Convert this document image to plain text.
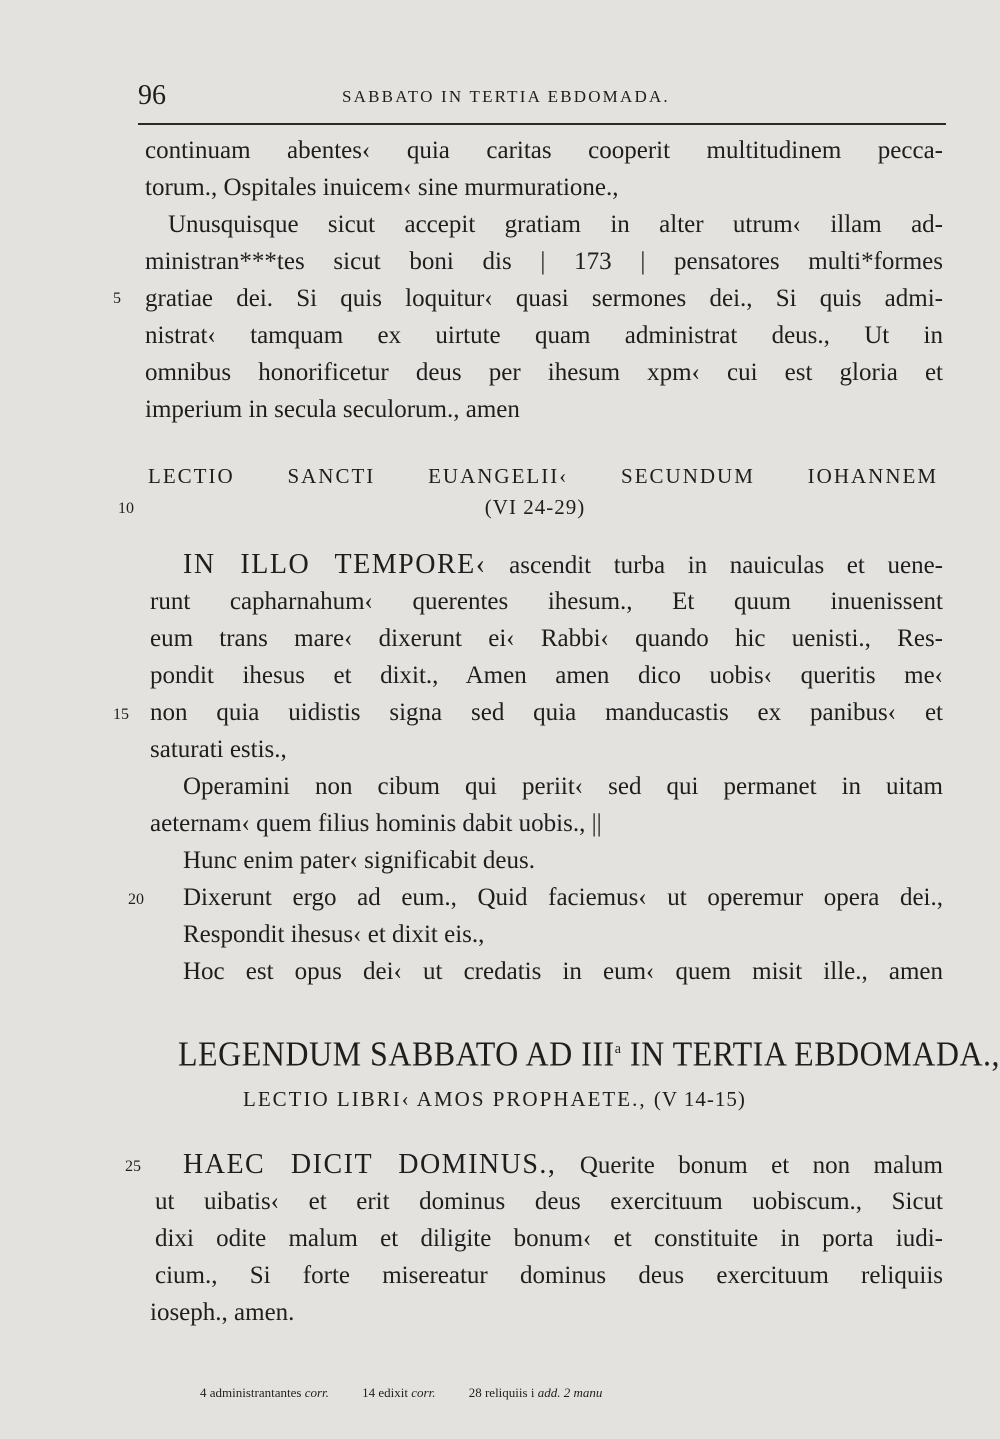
96	SABBATO IN TERTIA EBDOMADA.
continuam abentes‹ quia caritas cooperit multitudinem pecca-
torum., Ospitales inuicem‹ sine murmuratione.,
Unusquisque sicut accepit gratiam in alter utrum‹ illam ad-
ministran***tes sicut boni dis | 173 | pensatores multi*formes
5 gratiae dei. Si quis loquitur‹ quasi sermones dei., Si quis admi-
nistrat‹ tamquam ex uirtute quam administrat deus., Ut in
omnibus honorificetur deus per ihesum xpm‹ cui est gloria et
imperium in secula seculorum., amen
LECTIO SANCTI EUANGELII‹ SECUNDUM IOHANNEM
10	(VI 24-29)
IN ILLO TEMPORE‹ ascendit turba in nauiculas et uene-
runt capharnahum‹ querentes ihesum., Et quum inuenissent
eum trans mare‹ dixerunt ei‹ Rabbi‹ quando hic uenisti., Res-
pondit ihesus et dixit., Amen amen dico uobis‹ queritis me‹
15 non quia uidistis signa sed quia manducastis ex panibus‹ et
saturati estis.,
Operamini non cibum qui periit‹ sed qui permanet in uitam
aeternam‹ quem filius hominis dabit uobis., ||
Hunc enim pater‹ significabit deus.
20 Dixerunt ergo ad eum., Quid faciemus‹ ut operemur opera dei.,
Respondit ihesus‹ et dixit eis.,
Hoc est opus dei‹ ut credatis in eum‹ quem misit ille., amen
LEGENDUM SABBATO AD III$^a$ IN TERTIA EBDOMADA.,
LECTIO LIBRI‹ AMOS PROPHAETE., (V 14-15)
25 HAEC DICIT DOMINUS., Querite bonum et non malum
ut uibatis‹ et erit dominus deus exercituum uobiscum., Sicut
dixi odite malum et diligite bonum‹ et constituite in porta iudi-
cium., Si forte misereatur dominus deus exercituum reliquiis
ioseph., amen.
4 administrantantes corr.	14 edixit corr.	28 reliquiis i add. 2 manu
